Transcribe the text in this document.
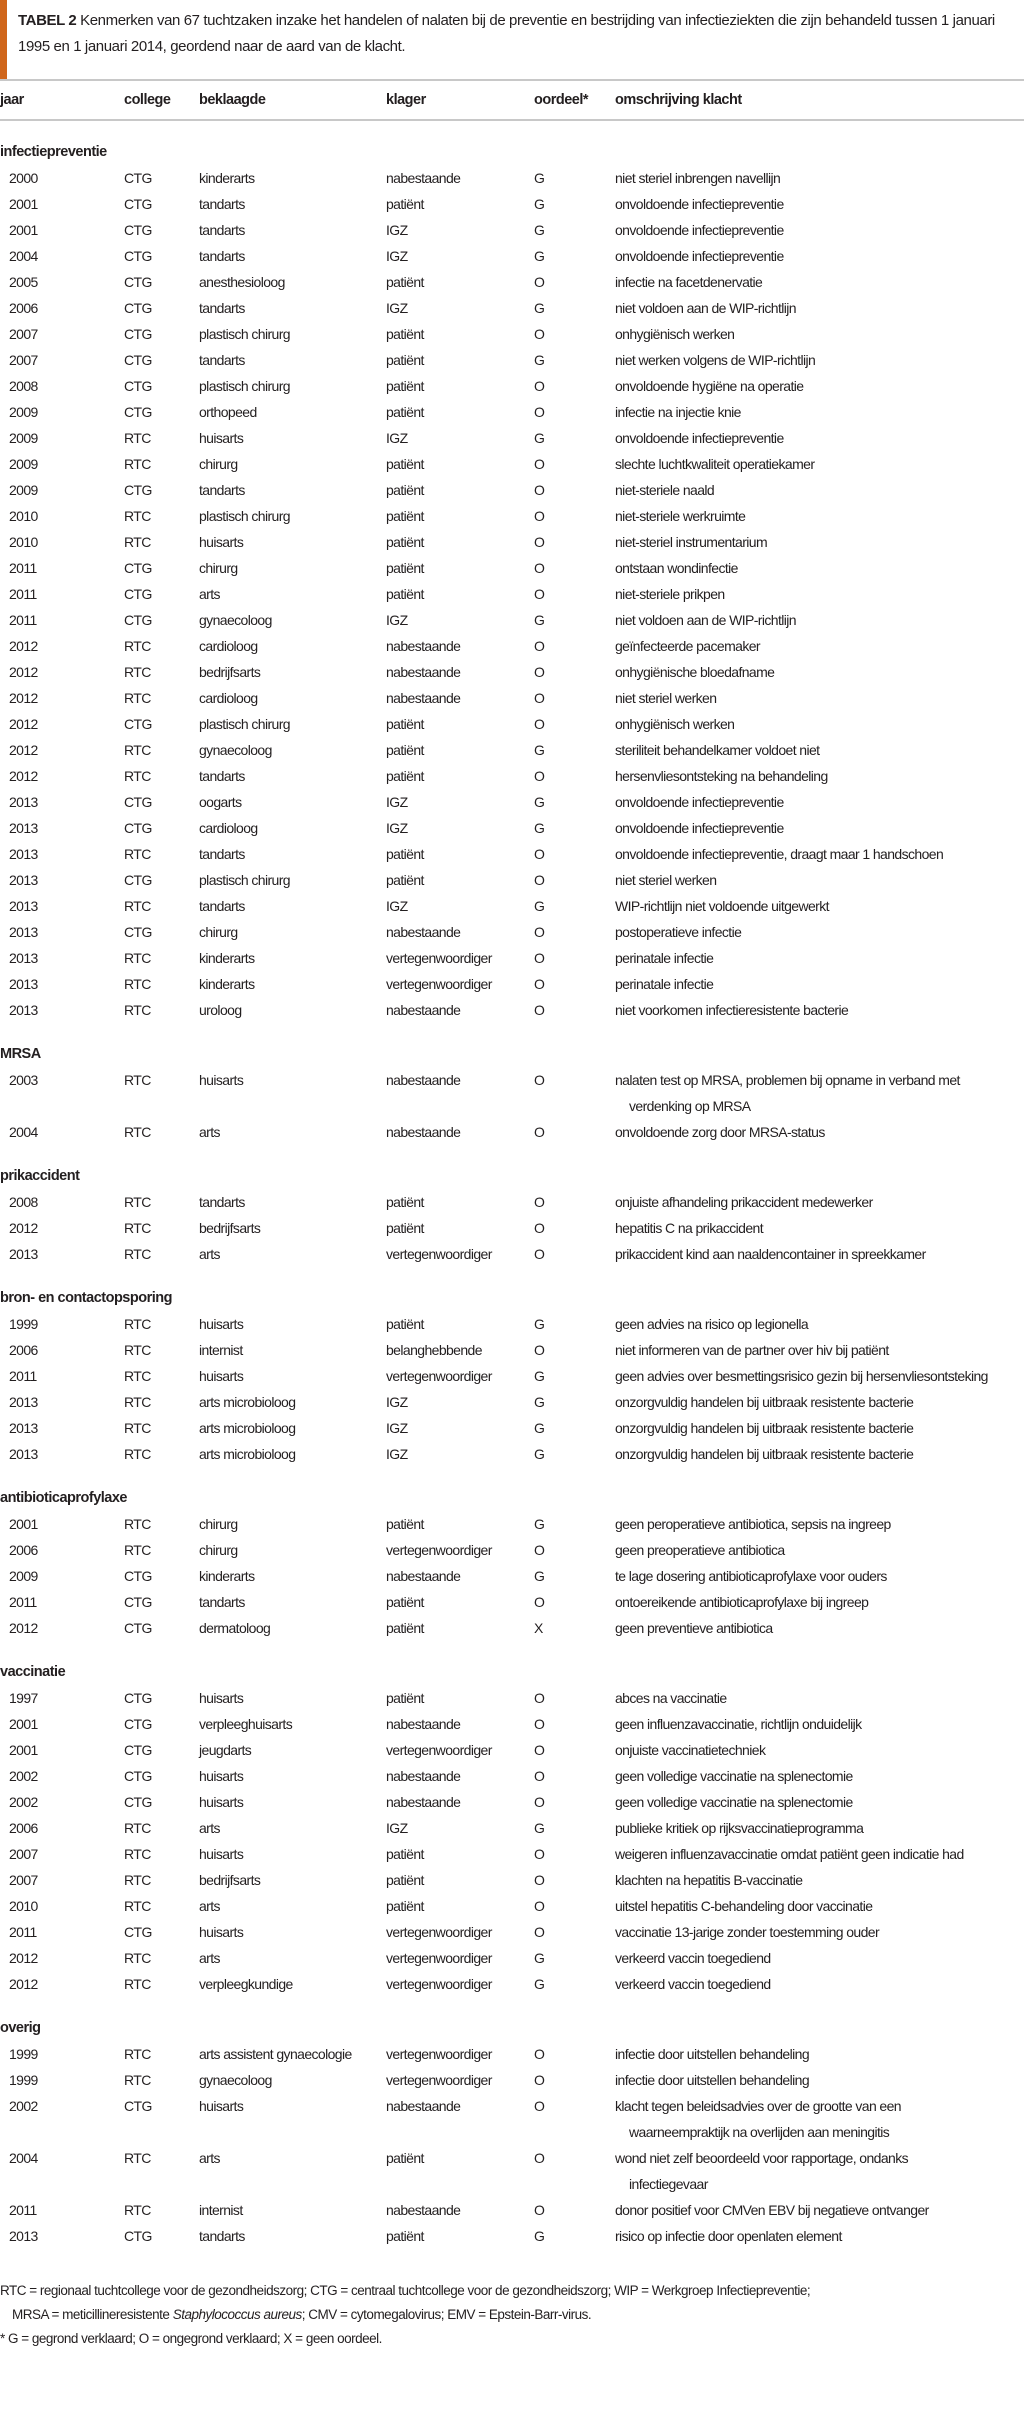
TABEL 2 Kenmerken van 67 tuchtzaken inzake het handelen of nalaten bij de preventie en bestrijding van infectieziekten die zijn behandeld tussen 1 januari 1995 en 1 januari 2014, geordend naar de aard van de klacht.
jaar	college	beklaagde	klager	oordeel*	omschrijving klacht
infectiepreventie
2000	CTG	kinderarts	nabestaande	G	niet steriel inbrengen navellijn
2001	CTG	tandarts	patiënt	G	onvoldoende infectiepreventie
2001	CTG	tandarts	IGZ	G	onvoldoende infectiepreventie
2004	CTG	tandarts	IGZ	G	onvoldoende infectiepreventie
2005	CTG	anesthesioloog	patiënt	O	infectie na facetdenervatie
2006	CTG	tandarts	IGZ	G	niet voldoen aan de WIP-richtlijn
2007	CTG	plastisch chirurg	patiënt	O	onhygiënisch werken
2007	CTG	tandarts	patiënt	G	niet werken volgens de WIP-richtlijn
2008	CTG	plastisch chirurg	patiënt	O	onvoldoende hygiëne na operatie
2009	CTG	orthopeed	patiënt	O	infectie na injectie knie
2009	RTC	huisarts	IGZ	G	onvoldoende infectiepreventie
2009	RTC	chirurg	patiënt	O	slechte luchtkwaliteit operatiekamer
2009	CTG	tandarts	patiënt	O	niet-steriele naald
2010	RTC	plastisch chirurg	patiënt	O	niet-steriele werkruimte
2010	RTC	huisarts	patiënt	O	niet-steriel instrumentarium
2011	CTG	chirurg	patiënt	O	ontstaan wondinfectie
2011	CTG	arts	patiënt	O	niet-steriele prikpen
2011	CTG	gynaecoloog	IGZ	G	niet voldoen aan de WIP-richtlijn
2012	RTC	cardioloog	nabestaande	O	geïnfecteerde pacemaker
2012	RTC	bedrijfsarts	nabestaande	O	onhygiënische bloedafname
2012	RTC	cardioloog	nabestaande	O	niet steriel werken
2012	CTG	plastisch chirurg	patiënt	O	onhygiënisch werken
2012	RTC	gynaecoloog	patiënt	G	steriliteit behandelkamer voldoet niet
2012	RTC	tandarts	patiënt	O	hersenvliesontsteking na behandeling
2013	CTG	oogarts	IGZ	G	onvoldoende infectiepreventie
2013	CTG	cardioloog	IGZ	G	onvoldoende infectiepreventie
2013	RTC	tandarts	patiënt	O	onvoldoende infectiepreventie, draagt maar 1 handschoen
2013	CTG	plastisch chirurg	patiënt	O	niet steriel werken
2013	RTC	tandarts	IGZ	G	WIP-richtlijn niet voldoende uitgewerkt
2013	CTG	chirurg	nabestaande	O	postoperatieve infectie
2013	RTC	kinderarts	vertegenwoordiger	O	perinatale infectie
2013	RTC	kinderarts	vertegenwoordiger	O	perinatale infectie
2013	RTC	uroloog	nabestaande	O	niet voorkomen infectieresistente bacterie
MRSA
2003	RTC	huisarts	nabestaande	O	nalaten test op MRSA, problemen bij opname in verband met
verdenking op MRSA
2004	RTC	arts	nabestaande	O	onvoldoende zorg door MRSA-status
prikaccident
2008	RTC	tandarts	patiënt	O	onjuiste afhandeling prikaccident medewerker
2012	RTC	bedrijfsarts	patiënt	O	hepatitis C na prikaccident
2013	RTC	arts	vertegenwoordiger	O	prikaccident kind aan naaldencontainer in spreekkamer
bron- en contactopsporing
1999	RTC	huisarts	patiënt	G	geen advies na risico op legionella
2006	RTC	internist	belanghebbende	O	niet informeren van de partner over hiv bij patiënt
2011	RTC	huisarts	vertegenwoordiger	G	geen advies over besmettingsrisico gezin bij hersenvliesontsteking
2013	RTC	arts microbioloog	IGZ	G	onzorgvuldig handelen bij uitbraak resistente bacterie
2013	RTC	arts microbioloog	IGZ	G	onzorgvuldig handelen bij uitbraak resistente bacterie
2013	RTC	arts microbioloog	IGZ	G	onzorgvuldig handelen bij uitbraak resistente bacterie
antibioticaprofylaxe
2001	RTC	chirurg	patiënt	G	geen peroperatieve antibiotica, sepsis na ingreep
2006	RTC	chirurg	vertegenwoordiger	O	geen preoperatieve antibiotica
2009	CTG	kinderarts	nabestaande	G	te lage dosering antibioticaprofylaxe voor ouders
2011	CTG	tandarts	patiënt	O	ontoereikende antibioticaprofylaxe bij ingreep
2012	CTG	dermatoloog	patiënt	X	geen preventieve antibiotica
vaccinatie
1997	CTG	huisarts	patiënt	O	abces na vaccinatie
2001	CTG	verpleeghuisarts	nabestaande	O	geen influenzavaccinatie, richtlijn onduidelijk
2001	CTG	jeugdarts	vertegenwoordiger	O	onjuiste vaccinatietechniek
2002	CTG	huisarts	nabestaande	O	geen volledige vaccinatie na splenectomie
2002	CTG	huisarts	nabestaande	O	geen volledige vaccinatie na splenectomie
2006	RTC	arts	IGZ	G	publieke kritiek op rijksvaccinatieprogramma
2007	RTC	huisarts	patiënt	O	weigeren influenzavaccinatie omdat patiënt geen indicatie had
2007	RTC	bedrijfsarts	patiënt	O	klachten na hepatitis B-vaccinatie
2010	RTC	arts	patiënt	O	uitstel hepatitis C-behandeling door vaccinatie
2011	CTG	huisarts	vertegenwoordiger	O	vaccinatie 13-jarige zonder toestemming ouder
2012	RTC	arts	vertegenwoordiger	G	verkeerd vaccin toegediend
2012	RTC	verpleegkundige	vertegenwoordiger	G	verkeerd vaccin toegediend
overig
1999	RTC	arts assistent gynaecologie	vertegenwoordiger	O	infectie door uitstellen behandeling
1999	RTC	gynaecoloog	vertegenwoordiger	O	infectie door uitstellen behandeling
2002	CTG	huisarts	nabestaande	O	klacht tegen beleidsadvies over de grootte van een
waarneempraktijk na overlijden aan meningitis
2004	RTC	arts	patiënt	O	wond niet zelf beoordeeld voor rapportage, ondanks
infectiegevaar
2011	RTC	internist	nabestaande	O	donor positief voor CMVen EBV bij negatieve ontvanger
2013	CTG	tandarts	patiënt	G	risico op infectie door openlaten element
RTC = regionaal tuchtcollege voor de gezondheidszorg; CTG = centraal tuchtcollege voor de gezondheidszorg; WIP = Werkgroep Infectiepreventie;
MRSA = meticillineresistente Staphylococcus aureus; CMV = cytomegalovirus; EMV = Epstein-Barr-virus.
* G = gegrond verklaard; O = ongegrond verklaard; X = geen oordeel.
